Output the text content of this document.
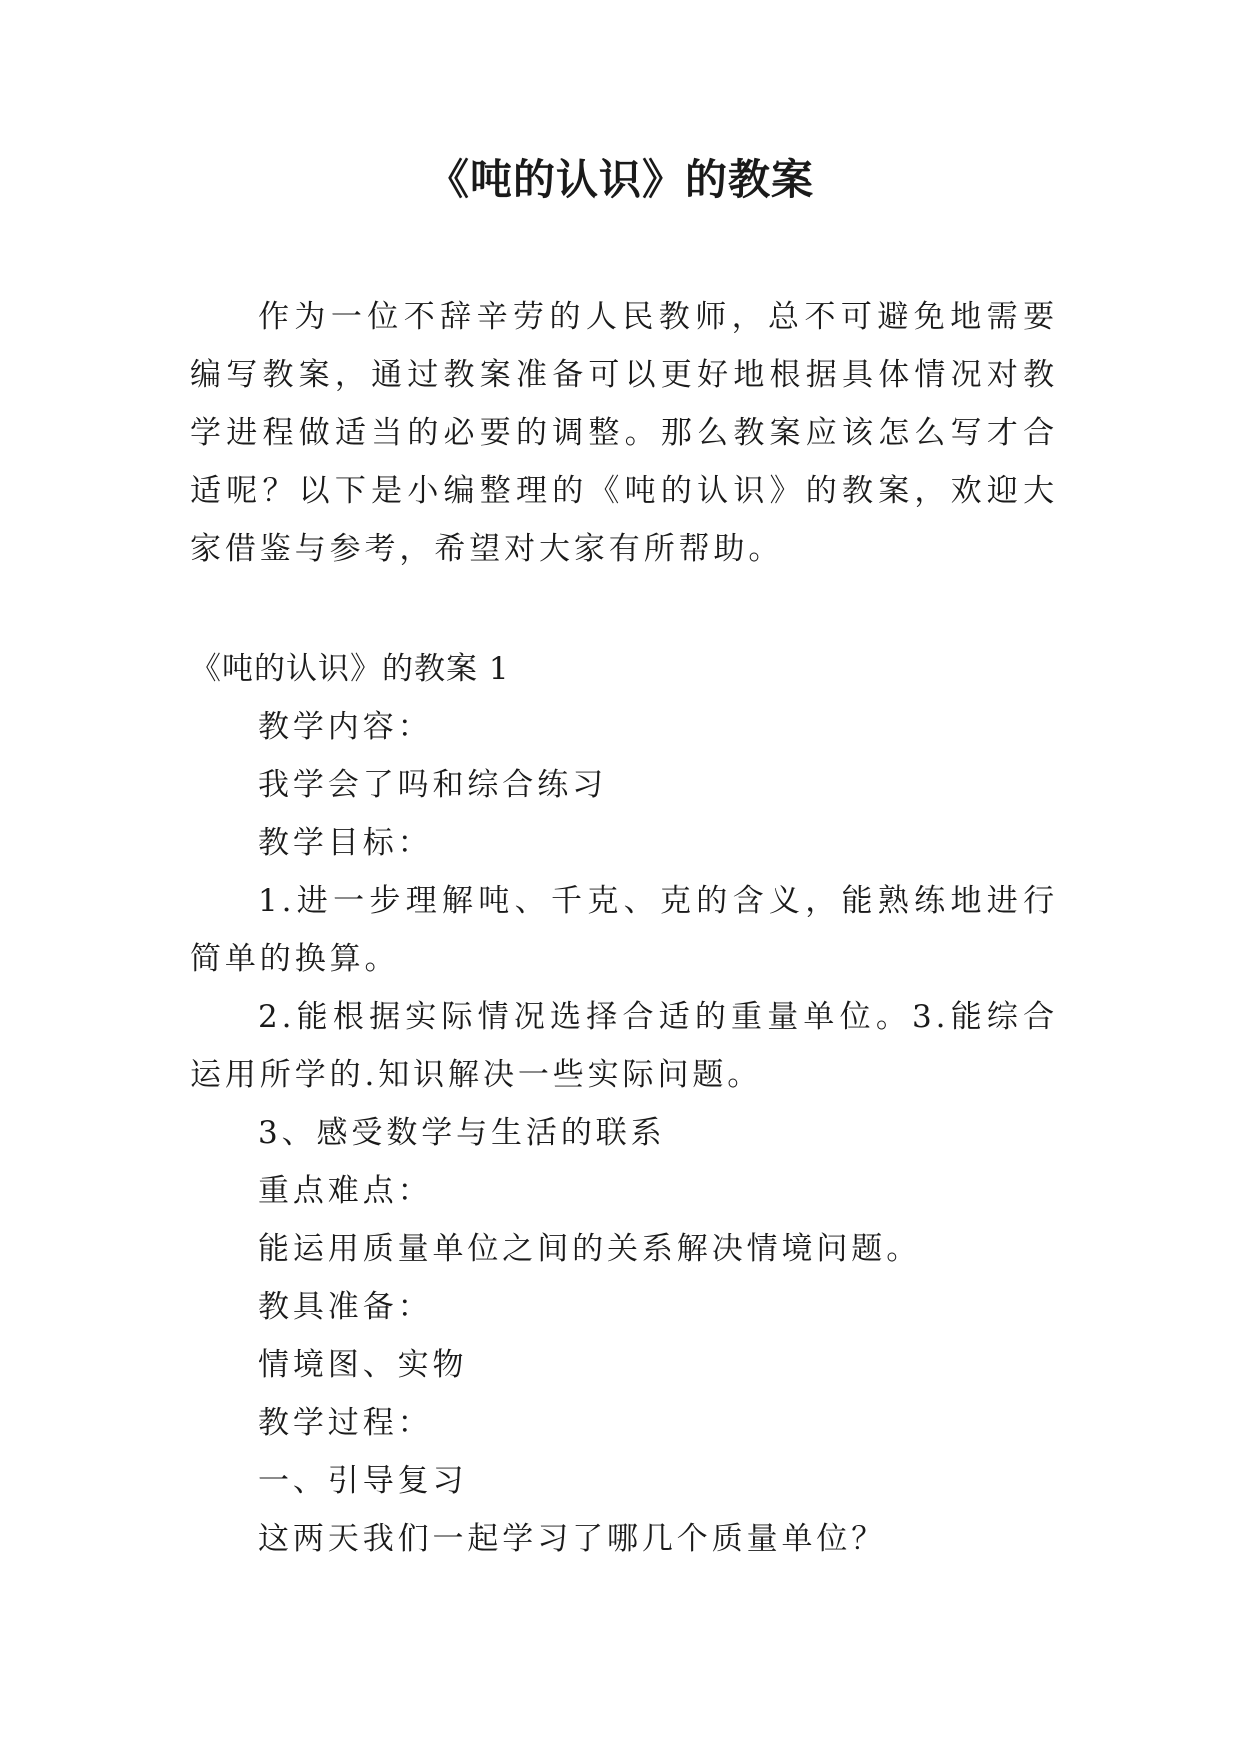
《吨的认识》的教案

作为一位不辞辛劳的人民教师，总不可避免地需要编写教案，通过教案准备可以更好地根据具体情况对教学进程做适当的必要的调整。那么教案应该怎么写才合适呢？以下是小编整理的《吨的认识》的教案，欢迎大家借鉴与参考，希望对大家有所帮助。

《吨的认识》的教案 1

教学内容：

我学会了吗和综合练习

教学目标：

1.进一步理解吨、千克、克的含义，能熟练地进行简单的换算。

2.能根据实际情况选择合适的重量单位。3.能综合运用所学的.知识解决一些实际问题。

3、感受数学与生活的联系

重点难点：

能运用质量单位之间的关系解决情境问题。

教具准备：

情境图、实物

教学过程：

一、引导复习

这两天我们一起学习了哪几个质量单位？
